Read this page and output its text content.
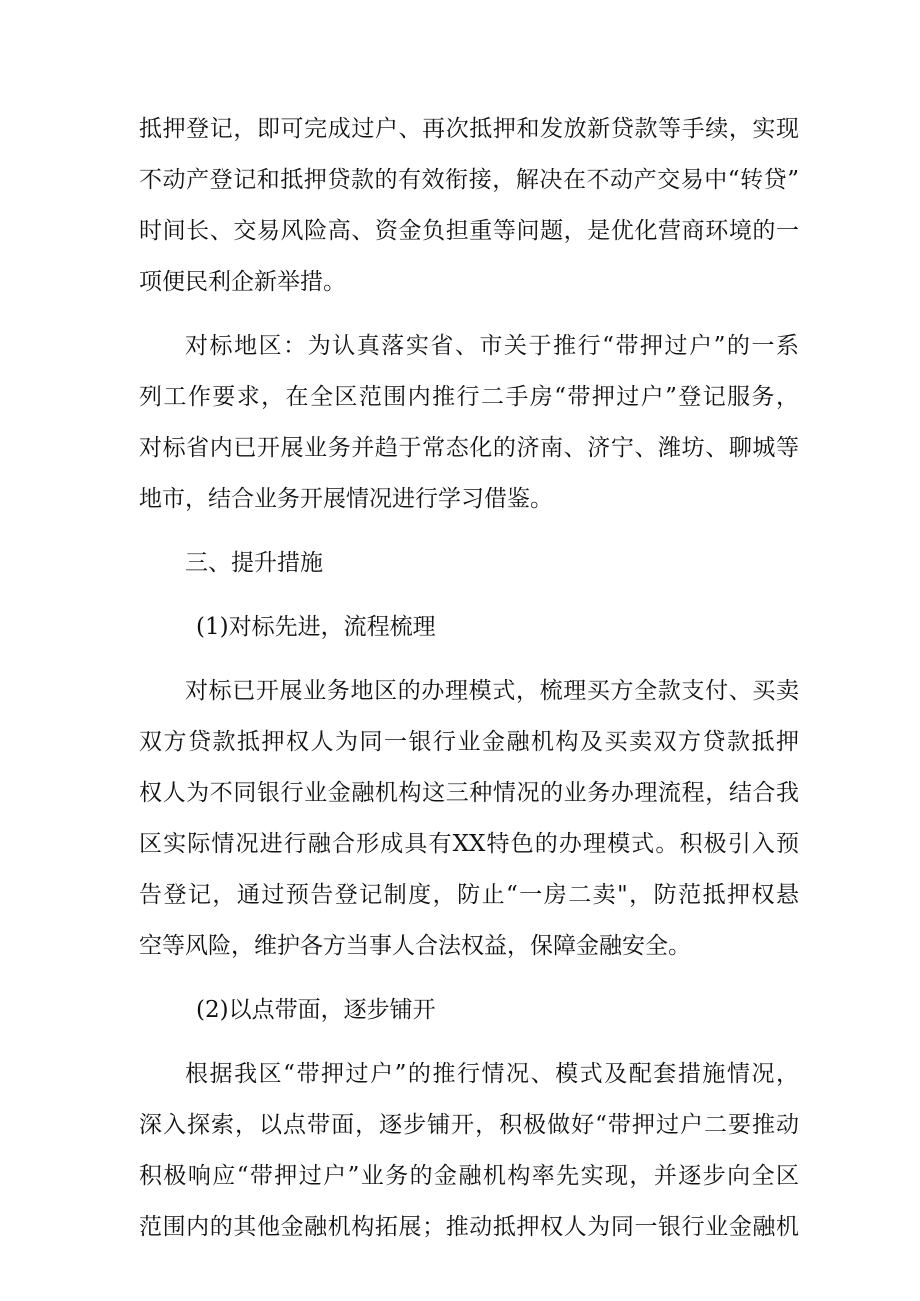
抵押登记，即可完成过户、再次抵押和发放新贷款等手续，实现
不动产登记和抵押贷款的有效衔接，解决在不动产交易中“转贷”
时间长、交易风险高、资金负担重等问题，是优化营商环境的一
项便民利企新举措。
对标地区：为认真落实省、市关于推行“带押过户”的一系
列工作要求，在全区范围内推行二手房“带押过户”登记服务，
对标省内已开展业务并趋于常态化的济南、济宁、潍坊、聊城等
地市，结合业务开展情况进行学习借鉴。
三、提升措施
(1)对标先进，流程梳理
对标已开展业务地区的办理模式，梳理买方全款支付、买卖
双方贷款抵押权人为同一银行业金融机构及买卖双方贷款抵押
权人为不同银行业金融机构这三种情况的业务办理流程，结合我
区实际情况进行融合形成具有XX特色的办理模式。积极引入预
告登记，通过预告登记制度，防止“一房二卖"，防范抵押权悬
空等风险，维护各方当事人合法权益，保障金融安全。
(2)以点带面，逐步铺开
根据我区“带押过户”的推行情况、模式及配套措施情况，
深入探索，以点带面，逐步铺开，积极做好“带押过户二要推动
积极响应“带押过户”业务的金融机构率先实现，并逐步向全区
范围内的其他金融机构拓展；推动抵押权人为同一银行业金融机
